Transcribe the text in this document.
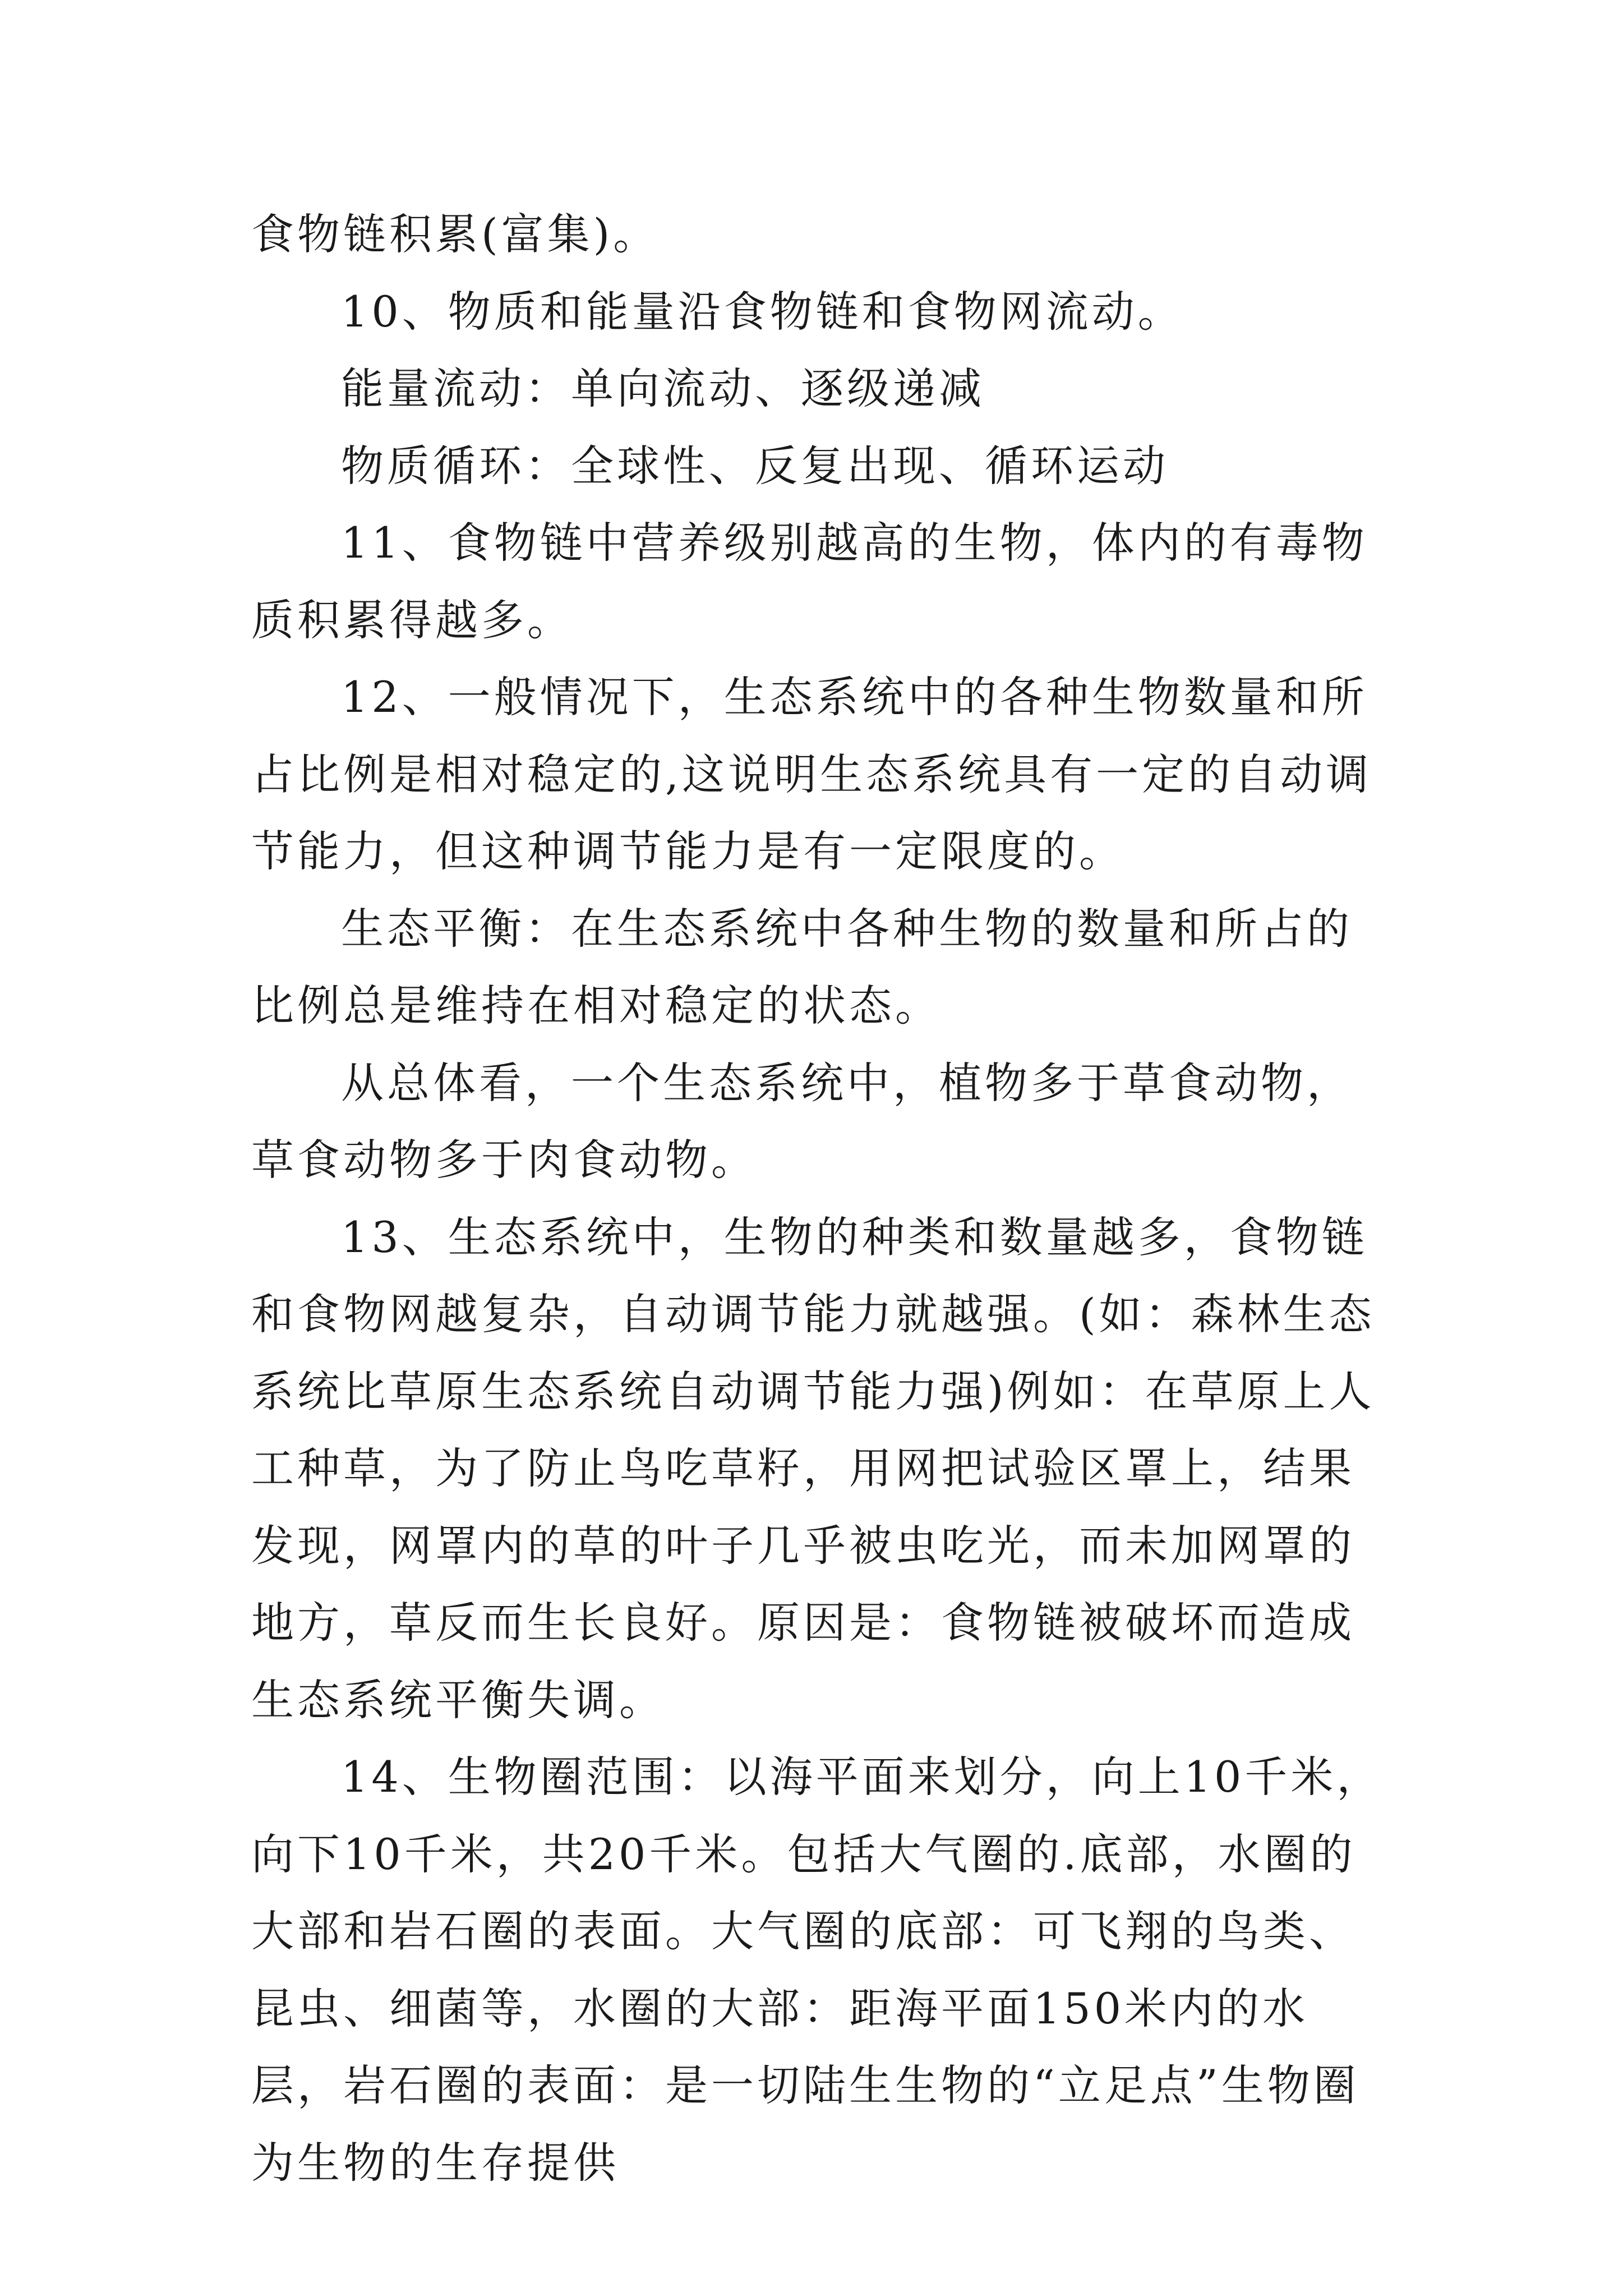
食物链积累(富集)。

10、物质和能量沿食物链和食物网流动。

能量流动：单向流动、逐级递减

物质循环：全球性、反复出现、循环运动

11、食物链中营养级别越高的生物，体内的有毒物质积累得越多。

12、一般情况下，生态系统中的各种生物数量和所占比例是相对稳定的,这说明生态系统具有一定的自动调节能力，但这种调节能力是有一定限度的。

生态平衡：在生态系统中各种生物的数量和所占的比例总是维持在相对稳定的状态。

从总体看，一个生态系统中，植物多于草食动物，草食动物多于肉食动物。

13、生态系统中，生物的种类和数量越多，食物链和食物网越复杂，自动调节能力就越强。(如：森林生态系统比草原生态系统自动调节能力强)例如：在草原上人工种草，为了防止鸟吃草籽，用网把试验区罩上，结果发现，网罩内的草的叶子几乎被虫吃光，而未加网罩的地方，草反而生长良好。原因是：食物链被破坏而造成生态系统平衡失调。

14、生物圈范围：以海平面来划分，向上10千米，向下10千米，共20千米。包括大气圈的.底部，水圈的大部和岩石圈的表面。大气圈的底部：可飞翔的鸟类、昆虫、细菌等，水圈的大部：距海平面150米内的水层，岩石圈的表面：是一切陆生生物的“立足点”生物圈为生物的生存提供
